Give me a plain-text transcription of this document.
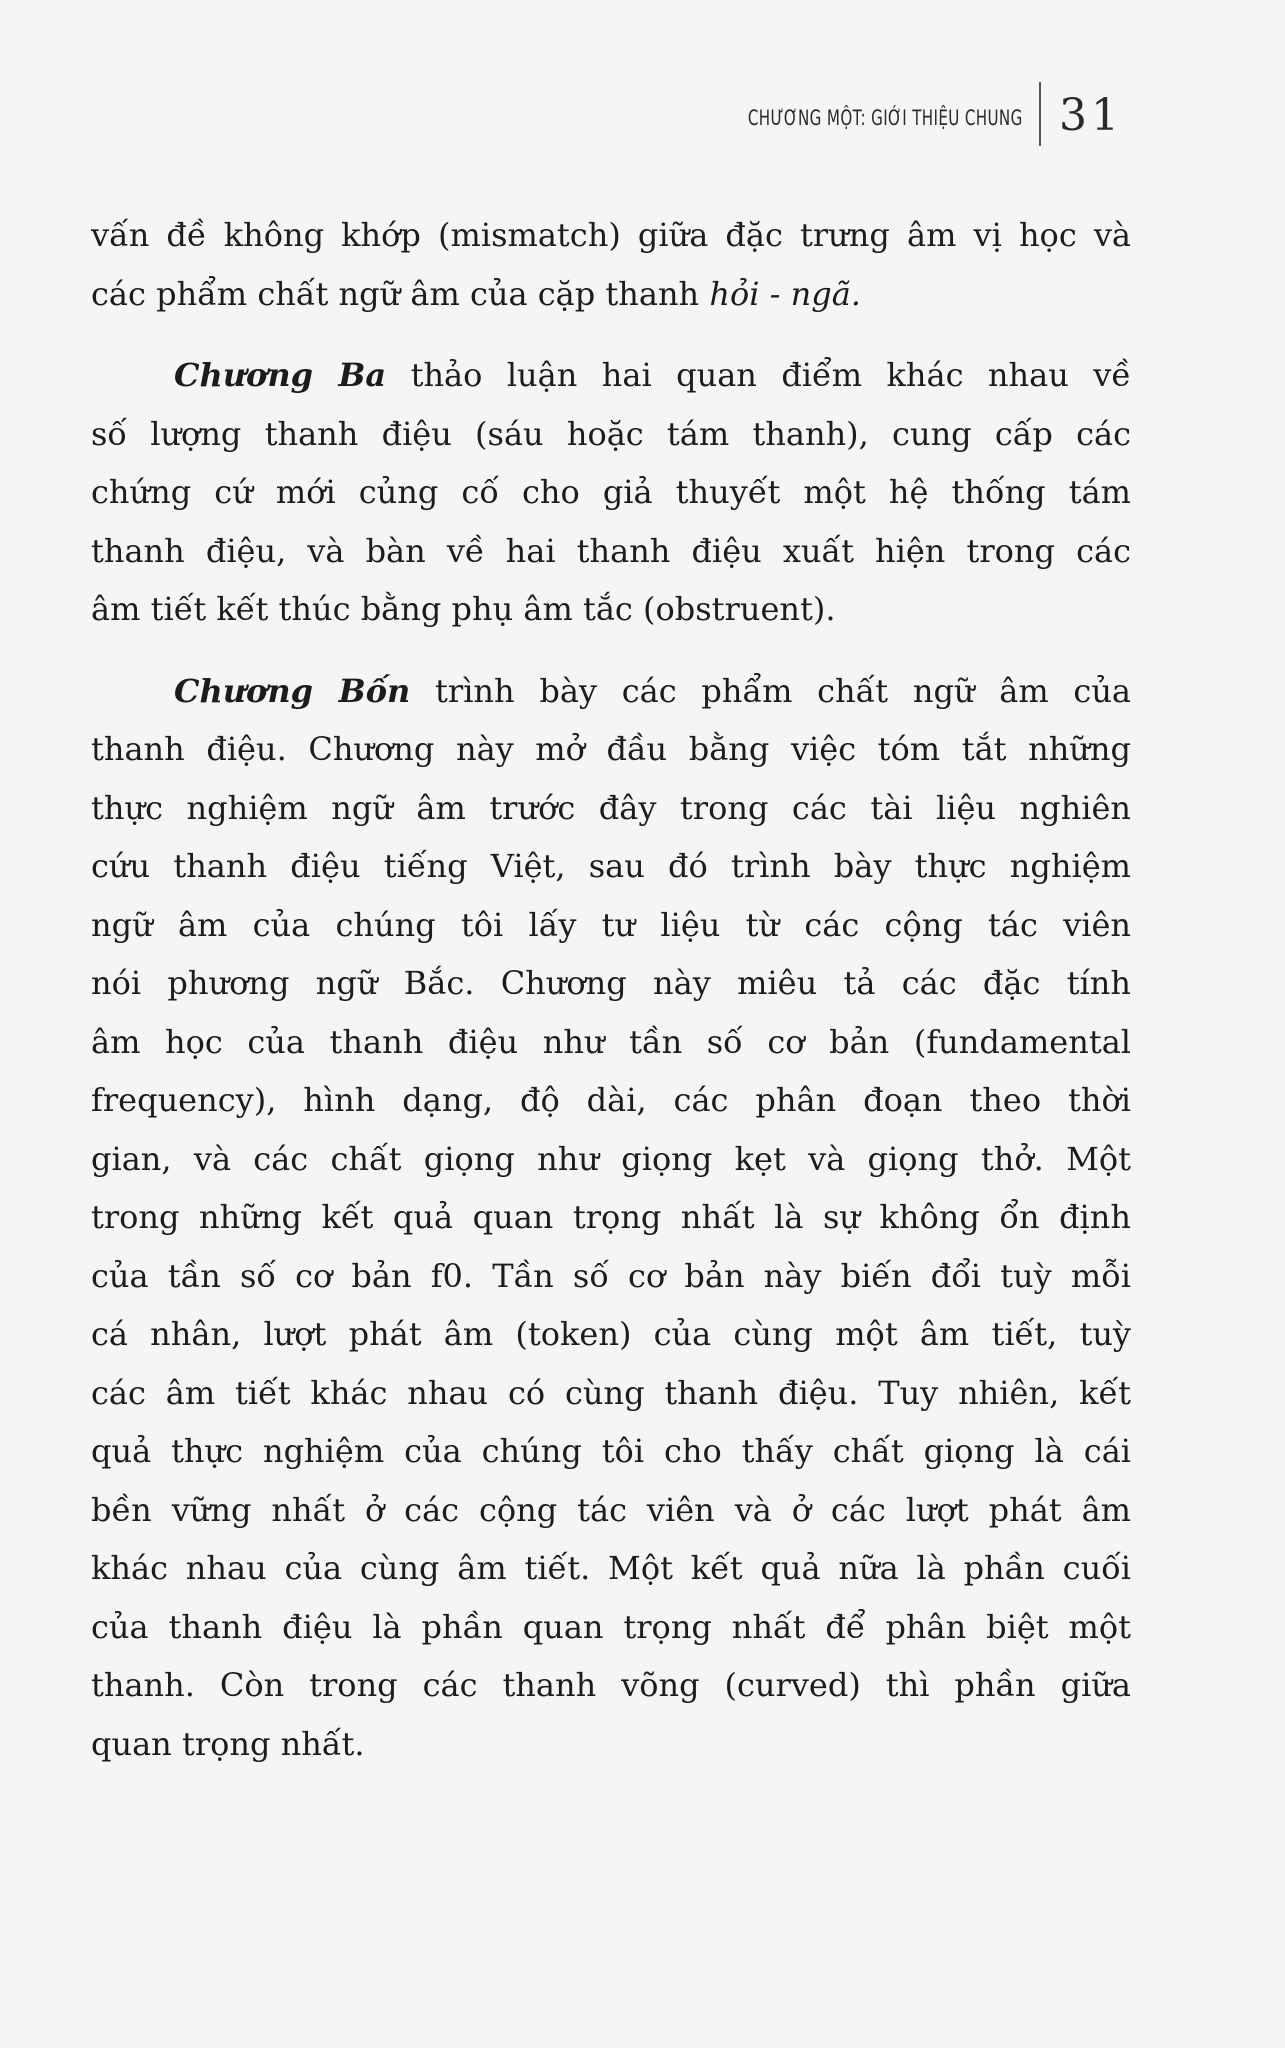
CHƯƠNG MỘT: GIỚI THIỆU CHUNG 31

vấn đề không khớp (mismatch) giữa đặc trưng âm vị học và
các phẩm chất ngữ âm của cặp thanh hỏi - ngã.

Chương Ba thảo luận hai quan điểm khác nhau về
số lượng thanh điệu (sáu hoặc tám thanh), cung cấp các
chứng cứ mới củng cố cho giả thuyết một hệ thống tám
thanh điệu, và bàn về hai thanh điệu xuất hiện trong các
âm tiết kết thúc bằng phụ âm tắc (obstruent).

Chương Bốn trình bày các phẩm chất ngữ âm của
thanh điệu. Chương này mở đầu bằng việc tóm tắt những
thực nghiệm ngữ âm trước đây trong các tài liệu nghiên
cứu thanh điệu tiếng Việt, sau đó trình bày thực nghiệm
ngữ âm của chúng tôi lấy tư liệu từ các cộng tác viên
nói phương ngữ Bắc. Chương này miêu tả các đặc tính
âm học của thanh điệu như tần số cơ bản (fundamental
frequency), hình dạng, độ dài, các phân đoạn theo thời
gian, và các chất giọng như giọng kẹt và giọng thở. Một
trong những kết quả quan trọng nhất là sự không ổn định
của tần số cơ bản f0. Tần số cơ bản này biến đổi tuỳ mỗi
cá nhân, lượt phát âm (token) của cùng một âm tiết, tuỳ
các âm tiết khác nhau có cùng thanh điệu. Tuy nhiên, kết
quả thực nghiệm của chúng tôi cho thấy chất giọng là cái
bền vững nhất ở các cộng tác viên và ở các lượt phát âm
khác nhau của cùng âm tiết. Một kết quả nữa là phần cuối
của thanh điệu là phần quan trọng nhất để phân biệt một
thanh. Còn trong các thanh võng (curved) thì phần giữa
quan trọng nhất.
